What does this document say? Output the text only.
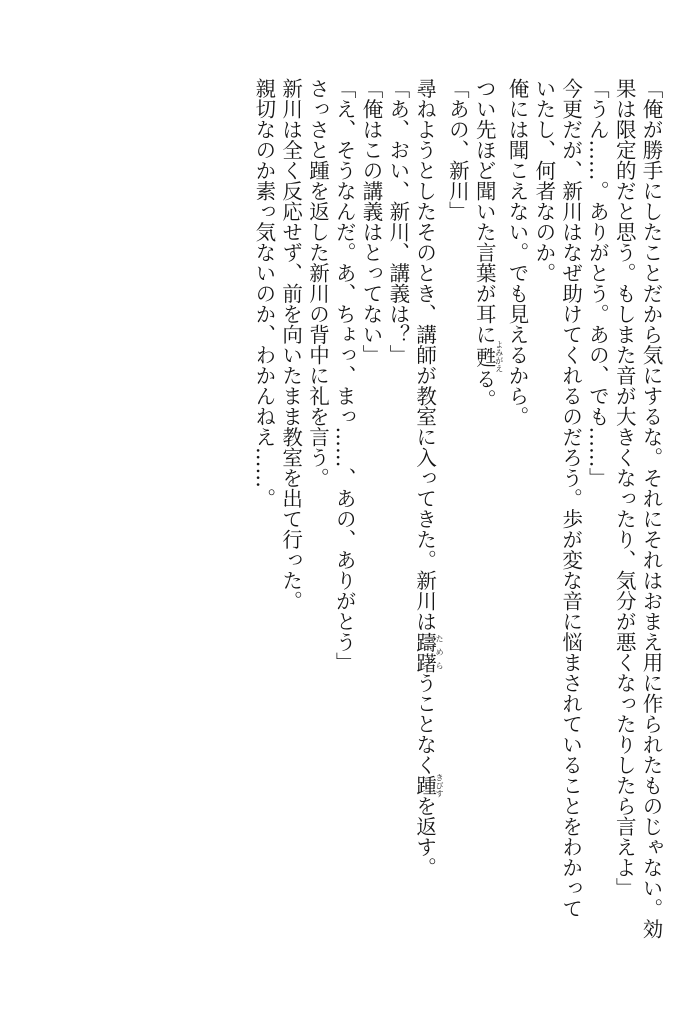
「俺が勝手にしたことだから気にするな。それにそれはおまえ用に作られたものじゃない。効
果は限定的だと思う。もしまた音が大きくなったり、気分が悪くなったりしたら言えよ」
「うん……。ありがとう。あの、でも……」
今更だが、新川はなぜ助けてくれるのだろう。歩が変な音に悩まされていることをわかって
いたし、何者なのか。
俺には聞こえない。でも見えるから。
つい先ほど聞いた言葉が耳に甦よみがえる。
「あの、新川」
尋ねようとしたそのとき、講師が教室に入ってきた。新川は躊躇ためらうことなく踵きびすを返す。
「あ、おい、新川、講義は？」
「俺はこの講義はとってない」
「え、そうなんだ。あ、ちょっ、まっ……、あの、ありがとう」
さっさと踵を返した新川の背中に礼を言う。
新川は全く反応せず、前を向いたまま教室を出て行った。
親切なのか素っ気ないのか、わかんねえ……。
